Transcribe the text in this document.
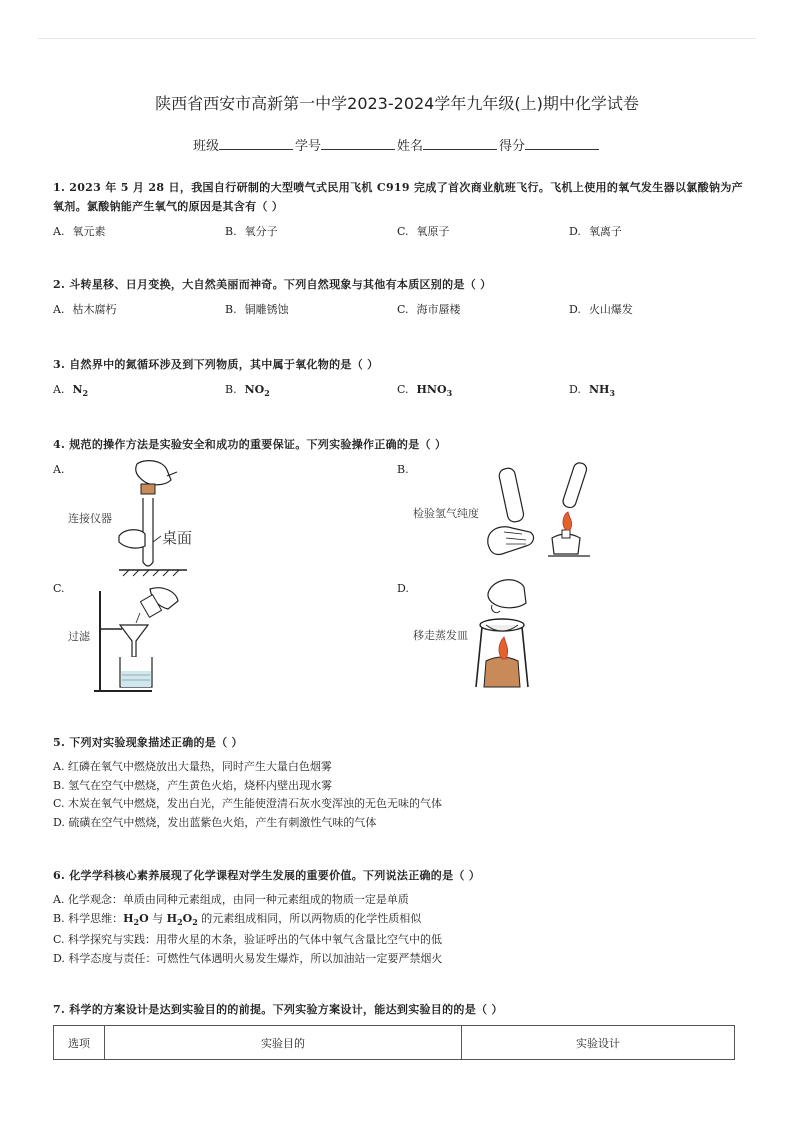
陕西省西安市高新第一中学2023-2024学年九年级(上)期中化学试卷
班级	学号	姓名	得分
1. 2023 年 5 月 28 日，我国自行研制的大型喷气式民用飞机 C919 完成了首次商业航班飞行。飞机上使用的氧气发生器以氯酸钠为产氧剂。氯酸钠能产生氧气的原因是其含有（ ）
A. 氧元素	B. 氧分子	C. 氧原子	D. 氧离子
2. 斗转星移、日月变换，大自然美丽而神奇。下列自然现象与其他有本质区别的是（ ）
A. 枯木腐朽	B. 铜雕锈蚀	C. 海市蜃楼	D. 火山爆发
3. 自然界中的氮循环涉及到下列物质，其中属于氧化物的是（ ）
A. $N_2$	B. $NO_2$	C. $HNO_3$	D. $NH_3$
4. 规范的操作方法是实验安全和成功的重要保证。下列实验操作正确的是（ ）
A.
连接仪器
桌面
B.
检验氢气纯度
C.
过滤
D.
移走蒸发皿
5. 下列对实验现象描述正确的是（ ）
A. 红磷在氧气中燃烧放出大量热，同时产生大量白色烟雾
B. 氢气在空气中燃烧，产生黄色火焰，烧杯内壁出现水雾
C. 木炭在氧气中燃烧，发出白光，产生能使澄清石灰水变浑浊的无色无味的气体
D. 硫磺在空气中燃烧，发出蓝紫色火焰，产生有刺激性气味的气体
6. 化学学科核心素养展现了化学课程对学生发展的重要价值。下列说法正确的是（ ）
A. 化学观念：单质由同种元素组成，由同一种元素组成的物质一定是单质
B. 科学思维：$H_2O$ 与 $H_2O_2$ 的元素组成相同，所以两物质的化学性质相似
C. 科学探究与实践：用带火星的木条，验证呼出的气体中氧气含量比空气中的低
D. 科学态度与责任：可燃性气体遇明火易发生爆炸，所以加油站一定要严禁烟火
7. 科学的方案设计是达到实验目的的前提。下列实验方案设计，能达到实验目的的是（ ）
选项	实验目的	实验设计
